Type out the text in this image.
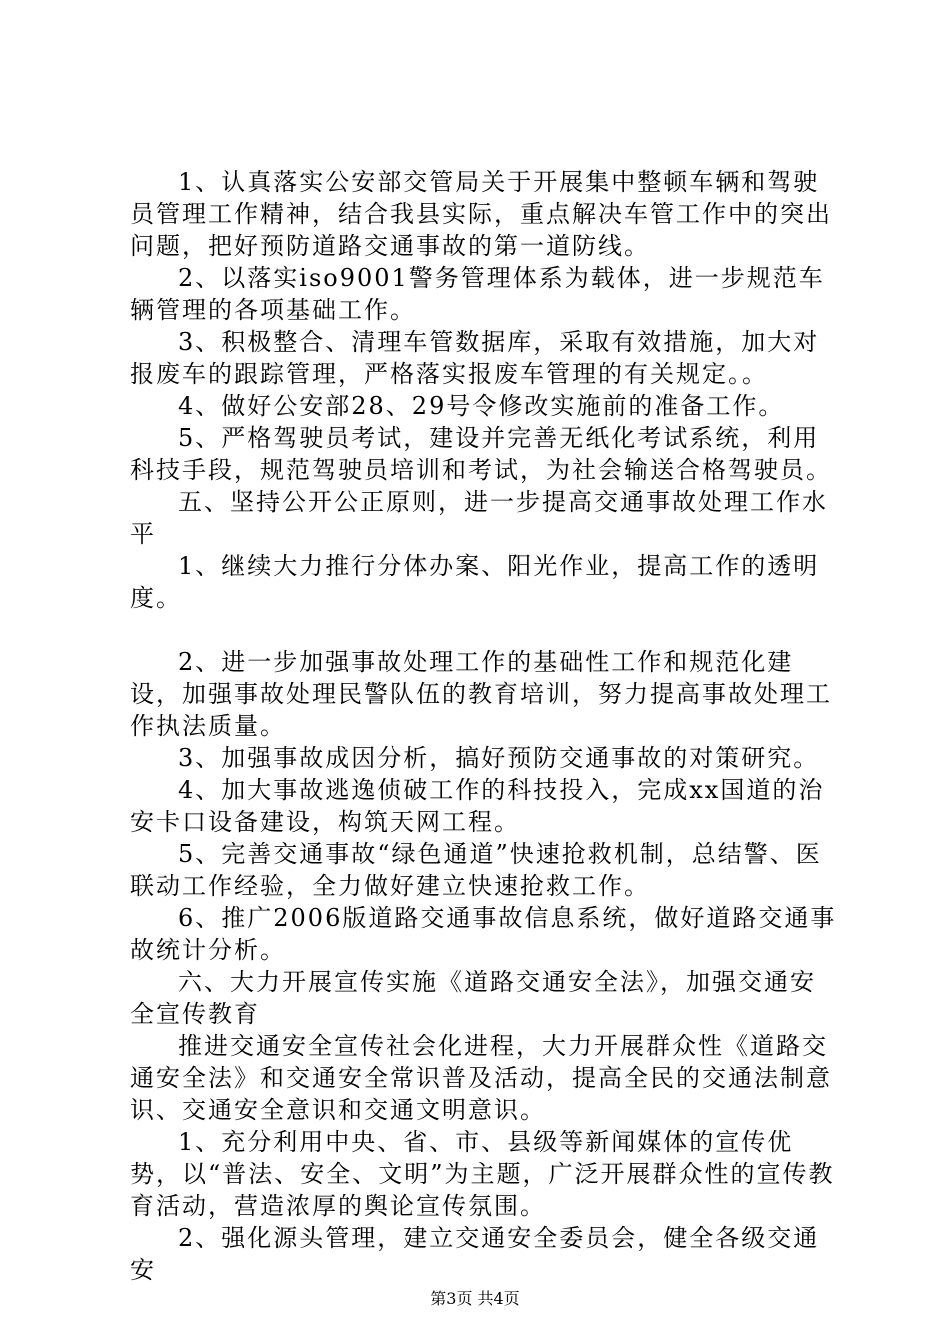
1、认真落实公安部交管局关于开展集中整顿车辆和驾驶员管理工作精神，结合我县实际，重点解决车管工作中的突出问题，把好预防道路交通事故的第一道防线。

2、以落实iso9001警务管理体系为载体，进一步规范车辆管理的各项基础工作。

3、积极整合、清理车管数据库，采取有效措施，加大对报废车的跟踪管理，严格落实报废车管理的有关规定。。

4、做好公安部28、29号令修改实施前的准备工作。

5、严格驾驶员考试，建设并完善无纸化考试系统，利用科技手段，规范驾驶员培训和考试，为社会输送合格驾驶员。

五、坚持公开公正原则，进一步提高交通事故处理工作水平

1、继续大力推行分体办案、阳光作业，提高工作的透明度。

2、进一步加强事故处理工作的基础性工作和规范化建设，加强事故处理民警队伍的教育培训，努力提高事故处理工作执法质量。

3、加强事故成因分析，搞好预防交通事故的对策研究。

4、加大事故逃逸侦破工作的科技投入，完成xx国道的治安卡口设备建设，构筑天网工程。

5、完善交通事故“绿色通道”快速抢救机制，总结警、医联动工作经验，全力做好建立快速抢救工作。

6、推广2006版道路交通事故信息系统，做好道路交通事故统计分析。

六、大力开展宣传实施《道路交通安全法》，加强交通安全宣传教育

推进交通安全宣传社会化进程，大力开展群众性《道路交通安全法》和交通安全常识普及活动，提高全民的交通法制意识、交通安全意识和交通文明意识。

1、充分利用中央、省、市、县级等新闻媒体的宣传优势，以“普法、安全、文明”为主题，广泛开展群众性的宣传教育活动，营造浓厚的舆论宣传氛围。

2、强化源头管理，建立交通安全委员会，健全各级交通安

第3页 共4页
